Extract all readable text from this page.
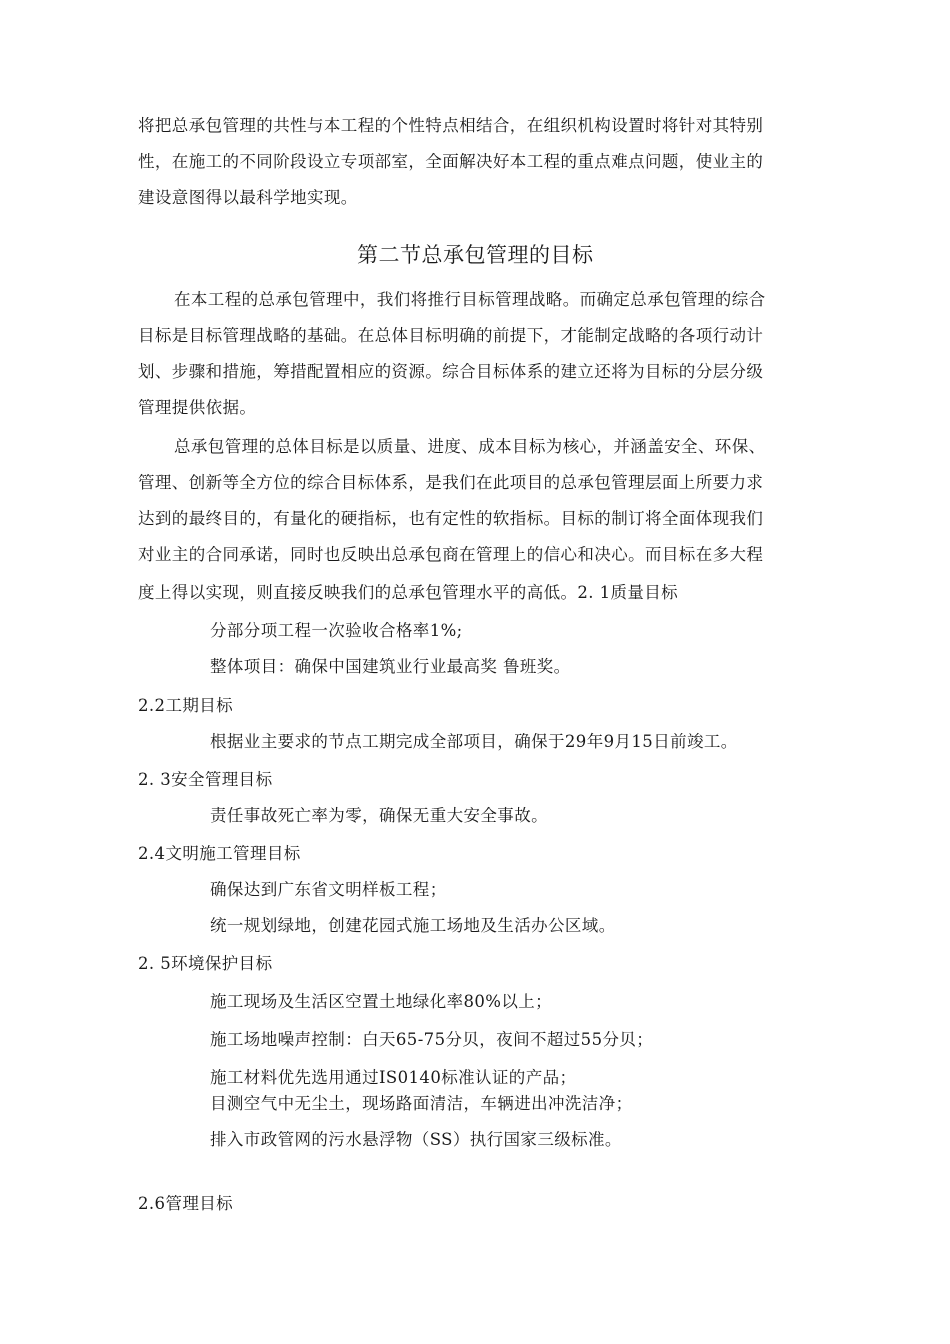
将把总承包管理的共性与本工程的个性特点相结合，在组织机构设置时将针对其特别
性，在施工的不同阶段设立专项部室，全面解决好本工程的重点难点问题，使业主的
建设意图得以最科学地实现。
第二节总承包管理的目标
在本工程的总承包管理中，我们将推行目标管理战略。而确定总承包管理的综合
目标是目标管理战略的基础。在总体目标明确的前提下，才能制定战略的各项行动计
划、步骤和措施，筹措配置相应的资源。综合目标体系的建立还将为目标的分层分级
管理提供依据。
总承包管理的总体目标是以质量、进度、成本目标为核心，并涵盖安全、环保、
管理、创新等全方位的综合目标体系，是我们在此项目的总承包管理层面上所要力求
达到的最终目的，有量化的硬指标，也有定性的软指标。目标的制订将全面体现我们
对业主的合同承诺，同时也反映出总承包商在管理上的信心和决心。而目标在多大程
度上得以实现，则直接反映我们的总承包管理水平的高低。2. 1质量目标
分部分项工程一次验收合格率1%;
整体项目：确保中国建筑业行业最高奖 鲁班奖。
2.2工期目标
根据业主要求的节点工期完成全部项目，确保于29年9月15日前竣工。
2. 3安全管理目标
责任事故死亡率为零，确保无重大安全事故。
2.4文明施工管理目标
确保达到广东省文明样板工程；
统一规划绿地，创建花园式施工场地及生活办公区域。
2. 5环境保护目标
施工现场及生活区空置土地绿化率80%以上；
施工场地噪声控制：白天65-75分贝，夜间不超过55分贝；
施工材料优先选用通过IS0140标准认证的产品；
目测空气中无尘土，现场路面清洁，车辆进出冲洗洁净；
排入市政管网的污水悬浮物（SS）执行国家三级标准。
2.6管理目标
